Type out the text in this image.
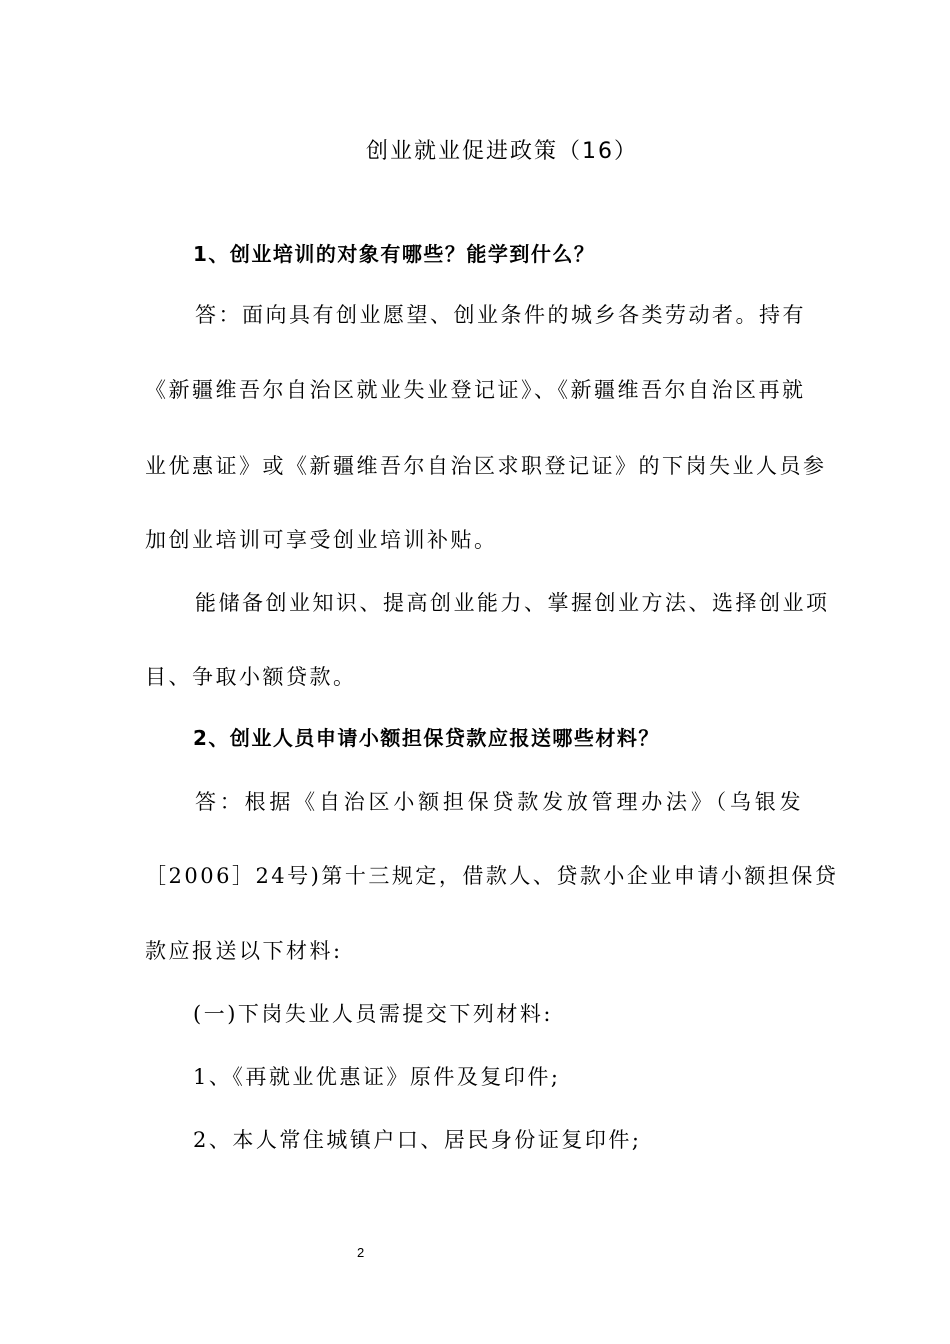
创业就业促进政策（16）
1、创业培训的对象有哪些？能学到什么？
答：面向具有创业愿望、创业条件的城乡各类劳动者。持有
《新疆维吾尔自治区就业失业登记证》、《新疆维吾尔自治区再就
业优惠证》或《新疆维吾尔自治区求职登记证》的下岗失业人员参
加创业培训可享受创业培训补贴。
能储备创业知识、提高创业能力、掌握创业方法、选择创业项
目、争取小额贷款。
2、创业人员申请小额担保贷款应报送哪些材料？
答：根据《自治区小额担保贷款发放管理办法》（乌银发
［2006］24号)第十三规定，借款人、贷款小企业申请小额担保贷
款应报送以下材料:
(一)下岗失业人员需提交下列材料:
1、《再就业优惠证》原件及复印件;
2、本人常住城镇户口、居民身份证复印件;
2
